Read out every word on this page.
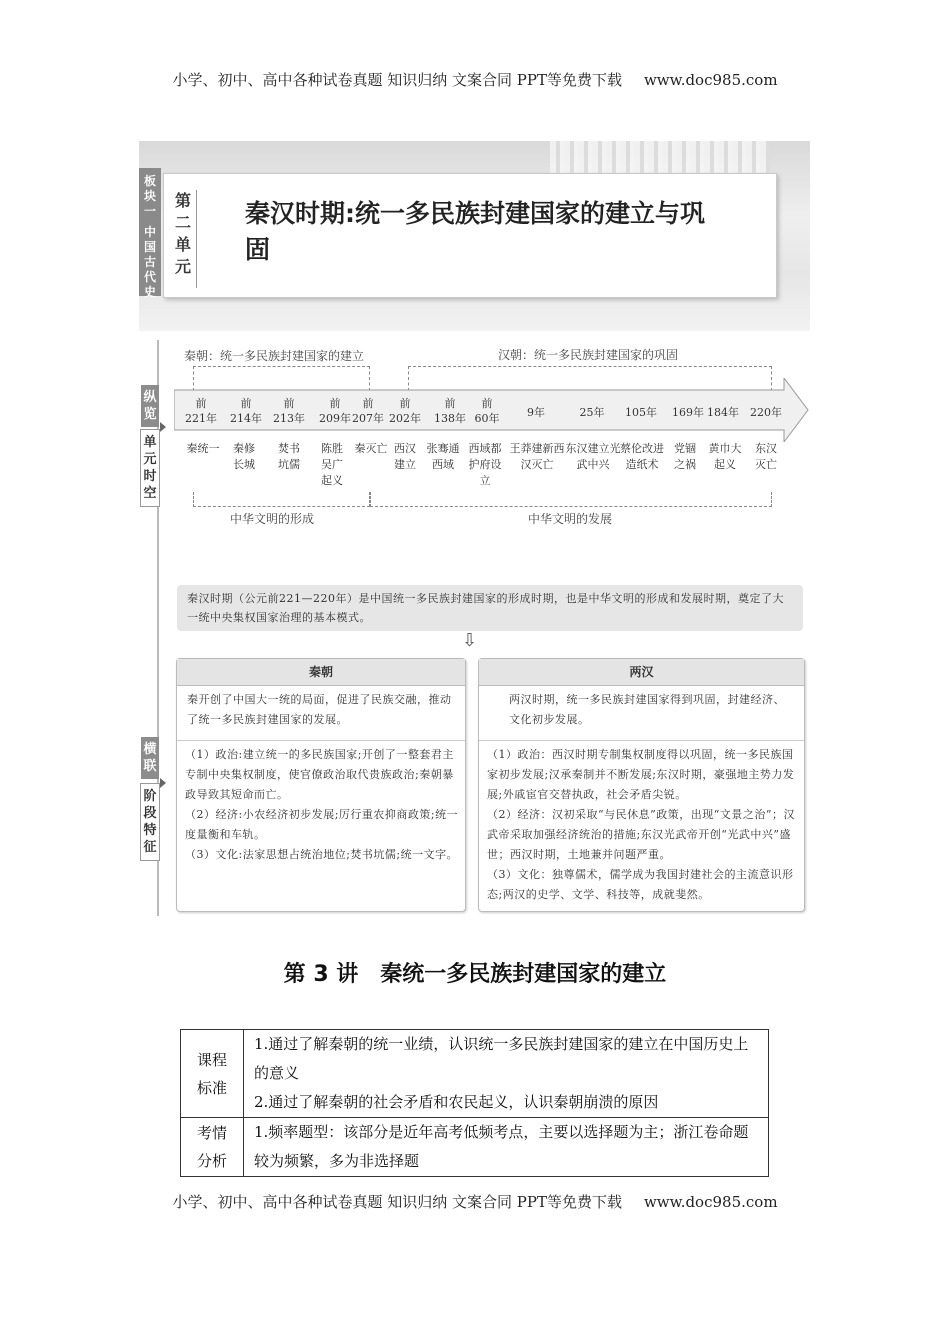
小学、初中、高中各种试卷真题 知识归纳 文案合同 PPT等免费下载 www.doc985.com
板块一
中国古代史
第二单元
秦汉时期:统一多民族封建国家的建立与巩固
纵览
单元时空
横联
阶段特征
秦朝：统一多民族封建国家的建立	汉朝：统一多民族封建国家的巩固
前
221年
前
214年
前
213年
前
209年
前
207年
前
202年
前
138年
前
60年	9年	25年	105年	169年 184年	220年
秦统一	秦修长城
焚书坑儒
陈胜吴广起义
秦灭亡 西汉建立
张骞通西域
西域都护府设立
王莽建新西汉灭亡
东汉建立光武中兴
蔡伦改进造纸术
党锢之祸
黄巾大起义
东汉灭亡
中华文明的形成	中华文明的发展
秦汉时期（公元前221—220年）是中国统一多民族封建国家的形成时期，也是中华文明的形成和发展时期，奠定了大一统中央集权国家治理的基本模式。
⇩
秦朝
秦开创了中国大一统的局面，促进了民族交融，推动了统一多民族封建国家的发展。
（1）政治:建立统一的多民族国家;开创了一整套君主专制中央集权制度，使官僚政治取代贵族政治;秦朝暴政导致其短命而亡。
（2）经济:小农经济初步发展;厉行重农抑商政策;统一度量衡和车轨。
（3）文化:法家思想占统治地位;焚书坑儒;统一文字。
两汉
两汉时期，统一多民族封建国家得到巩固，封建经济、文化初步发展。
（1）政治：西汉时期专制集权制度得以巩固，统一多民族国家初步发展;汉承秦制并不断发展;东汉时期，豪强地主势力发展;外戚宦官交替执政，社会矛盾尖锐。
（2）经济：汉初采取“与民休息”政策，出现“文景之治”；汉武帝采取加强经济统治的措施;东汉光武帝开创“光武中兴”盛世；西汉时期，土地兼并问题严重。
（3）文化：独尊儒术，儒学成为我国封建社会的主流意识形态;两汉的史学、文学、科技等，成就斐然。
第 3 讲　秦统一多民族封建国家的建立
课程标准	1.通过了解秦朝的统一业绩，认识统一多民族封建国家的建立在中国历史上的意义
2.通过了解秦朝的社会矛盾和农民起义，认识秦朝崩溃的原因

考情分析	1.频率题型：该部分是近年高考低频考点，主要以选择题为主；浙江卷命题较为频繁，多为非选择题
小学、初中、高中各种试卷真题 知识归纳 文案合同 PPT等免费下载 www.doc985.com
